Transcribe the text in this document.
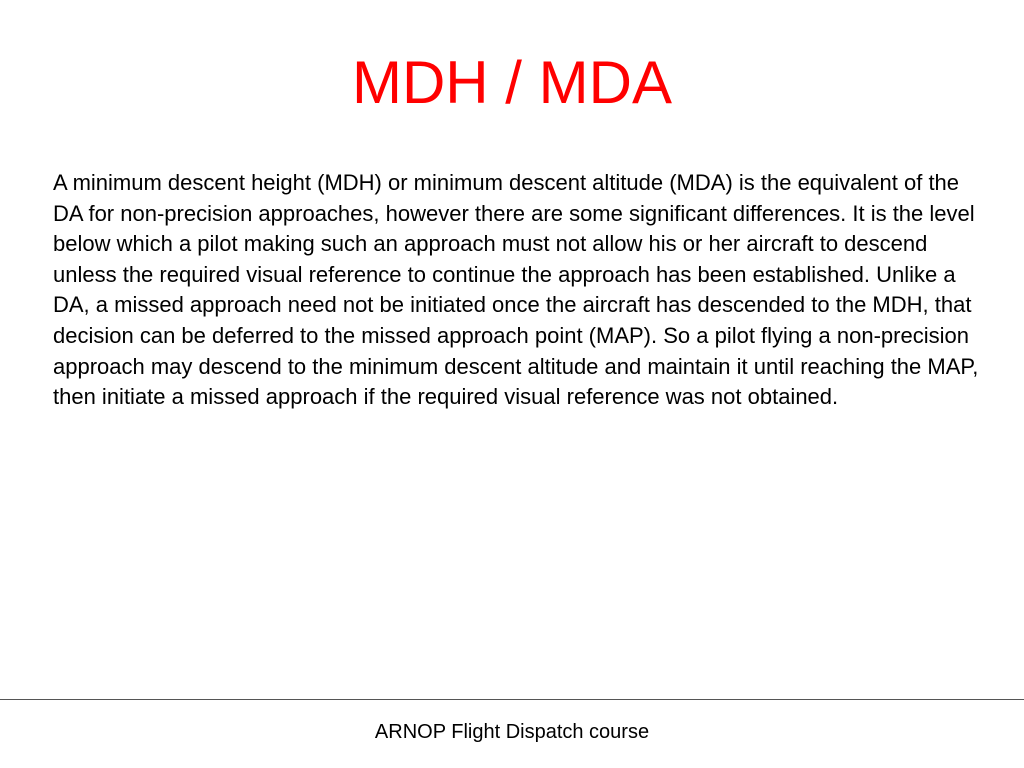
MDH / MDA

A minimum descent height (MDH) or minimum descent altitude (MDA) is the equivalent of the DA for non-precision approaches, however there are some significant differences. It is the level below which a pilot making such an approach must not allow his or her aircraft to descend unless the required visual reference to continue the approach has been established. Unlike a DA, a missed approach need not be initiated once the aircraft has descended to the MDH, that decision can be deferred to the missed approach point (MAP). So a pilot flying a non-precision approach may descend to the minimum descent altitude and maintain it until reaching the MAP, then initiate a missed approach if the required visual reference was not obtained.

ARNOP Flight Dispatch course
